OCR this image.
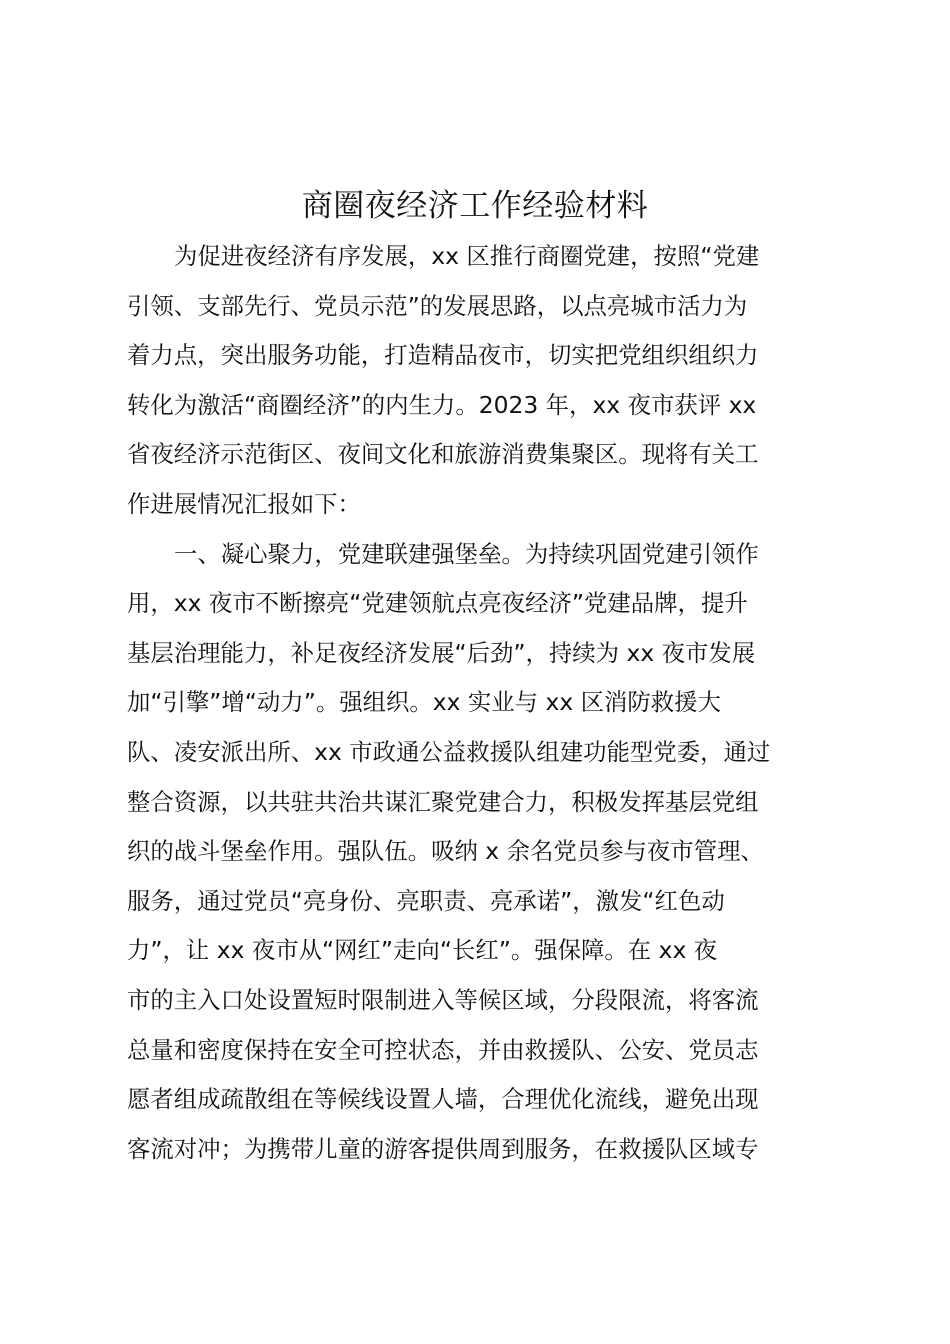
商圈夜经济工作经验材料
为促进夜经济有序发展，xx 区推行商圈党建，按照“党建
引领、支部先行、党员示范”的发展思路，以点亮城市活力为
着力点，突出服务功能，打造精品夜市，切实把党组织组织力
转化为激活“商圈经济”的内生力。2023 年，xx 夜市获评 xx
省夜经济示范街区、夜间文化和旅游消费集聚区。现将有关工
作进展情况汇报如下：
一、凝心聚力，党建联建强堡垒。为持续巩固党建引领作
用，xx 夜市不断擦亮“党建领航点亮夜经济”党建品牌，提升
基层治理能力，补足夜经济发展“后劲”，持续为 xx 夜市发展
加“引擎”增“动力”。强组织。xx 实业与 xx 区消防救援大
队、凌安派出所、xx 市政通公益救援队组建功能型党委，通过
整合资源，以共驻共治共谋汇聚党建合力，积极发挥基层党组
织的战斗堡垒作用。强队伍。吸纳 x 余名党员参与夜市管理、
服务，通过党员“亮身份、亮职责、亮承诺”，激发“红色动
力”，让 xx 夜市从“网红”走向“长红”。强保障。在 xx 夜
市的主入口处设置短时限制进入等候区域，分段限流，将客流
总量和密度保持在安全可控状态，并由救援队、公安、党员志
愿者组成疏散组在等候线设置人墙，合理优化流线，避免出现
客流对冲；为携带儿童的游客提供周到服务，在救援队区域专
